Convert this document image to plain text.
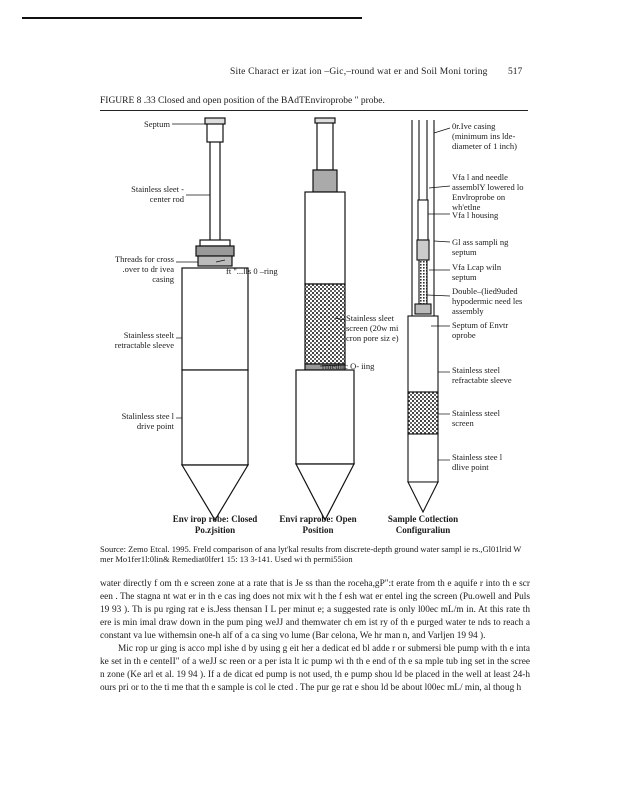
Site Charact er izat ion –Gic,–round wat er and Soil Moni toring 517
FIGURE 8 .33 Closed and open position of the BAdTEnviroprobe " probe.
Septum
Stainless sleet - center rod
Threads for cross .over to dr ivea casing
ft "...lls 0 –ring
Stainless steelt retractable sleeve
Stalinless stee l drive point
Stainless sleet screen (20w mi cron pore siz e)
rmethic O- iing
0r.Ive casing (minimum ins lde-diameter of 1 inch)
Vfa l and needle assemblY lowered lo Envlroprobe on wh'etlne
Vfa l housing
Gl ass sampli ng septum
Vfa Lcap wiln septum
Double–(lied9uded hypodermic need les assembly
Septum of Envtr oprobe
Stainless steel refractabte sleeve
Stainless steel screen
Stainless stee l dlive point
Env irop robe: Closed Po.zjsition
Envi raprobe: Open Position
Sample Cotlection Configuraliun
Source: Zemo Etcal. 1995. Freld comparison of ana lyt'kal results from discrete-depth ground water sampl ie rs.,Gl01lrid W mer Mo1fer1l:0lin& Remediat0lfer1 15: 13 3-141. Used wi th permi55ion

water directly f om th e screen zone at a rate that is Je ss than the roceha,gP":t erate from th e aquife r into th e scr een . The stagna nt wat er in th e cas ing does not mix wit h the f esh wat er entel ing the screen (Pu.owell and Puls 19 93 ). Th is pu rging rat e is.Jess thensan I L per minut e; a suggested rate is only l00ec mL/m in. At this rate th ere is min imal draw down in the pum ping weJJ and themwater ch em ist ry of th e purged water te nds to reach a constant va lue withemsin one-h alf of a ca sing vo lume (Bar celona, We hr man n, and Varljen 19 94 ).

Mic rop ur ging is acco mpl ishe d by using g eit her a dedicat ed bl adde r or submersi ble pump with th e inta ke set in th e centeII" of a weJJ sc reen or a per ista lt ic pump wi th th e end of th e sa mple tub ing set in the scree n zone (Ke arl et al. 19 94 ). If a de dicat ed pump is not used, th e pump shou ld be placed in the well at least 24-h ours pri or to the ti me that th e sample is col le cted . The pur ge rat e shou ld be about l00ec mL/ min, al thoug h
